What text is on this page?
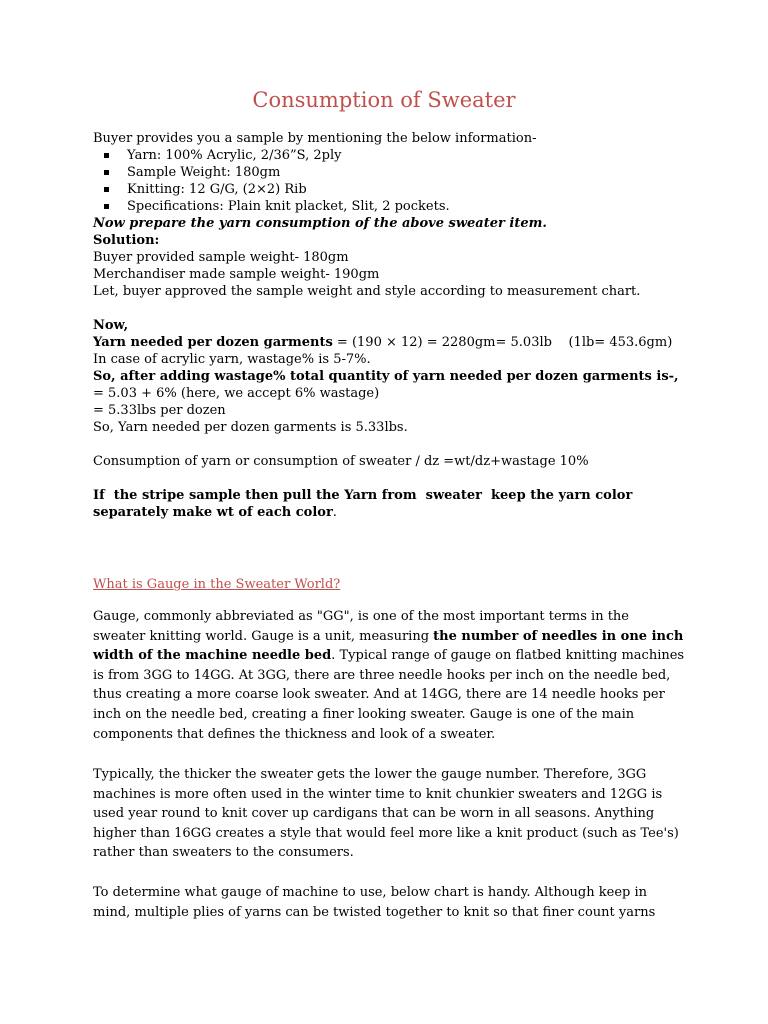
Consumption of Sweater
Buyer provides you a sample by mentioning the below information-
Yarn: 100% Acrylic, 2/36”S, 2ply
Sample Weight: 180gm
Knitting: 12 G/G, (2×2) Rib
Specifications: Plain knit placket, Slit, 2 pockets.
Now prepare the yarn consumption of the above sweater item.
Solution:
Buyer provided sample weight- 180gm
Merchandiser made sample weight- 190gm
Let, buyer approved the sample weight and style according to measurement chart.
Now,
Yarn needed per dozen garments = (190 × 12) = 2280gm= 5.03lb    (1lb= 453.6gm)
In case of acrylic yarn, wastage% is 5-7%.
So, after adding wastage% total quantity of yarn needed per dozen garments is-,
= 5.03 + 6% (here, we accept 6% wastage)
= 5.33lbs per dozen
So, Yarn needed per dozen garments is 5.33lbs.
Consumption of yarn or consumption of sweater / dz =wt/dz+wastage 10%
If  the stripe sample then pull the Yarn from  sweater  keep the yarn color
separately make wt of each color.
What is Gauge in the Sweater World?
Gauge, commonly abbreviated as "GG", is one of the most important terms in the
sweater knitting world. Gauge is a unit, measuring the number of needles in one inch
width of the machine needle bed. Typical range of gauge on flatbed knitting machines
is from 3GG to 14GG. At 3GG, there are three needle hooks per inch on the needle bed,
thus creating a more coarse look sweater. And at 14GG, there are 14 needle hooks per
inch on the needle bed, creating a finer looking sweater. Gauge is one of the main
components that defines the thickness and look of a sweater.
Typically, the thicker the sweater gets the lower the gauge number. Therefore, 3GG
machines is more often used in the winter time to knit chunkier sweaters and 12GG is
used year round to knit cover up cardigans that can be worn in all seasons. Anything
higher than 16GG creates a style that would feel more like a knit product (such as Tee's)
rather than sweaters to the consumers.
To determine what gauge of machine to use, below chart is handy. Although keep in
mind, multiple plies of yarns can be twisted together to knit so that finer count yarns
